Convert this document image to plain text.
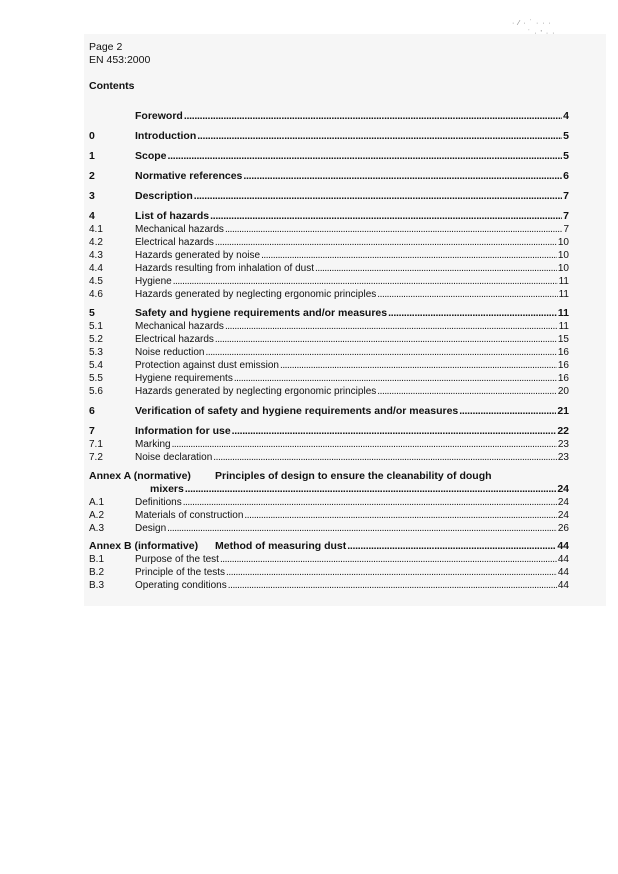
· ⁄ · ˙ · · ·
˙ · ' · ·
Page 2
EN 453:2000
Contents
Foreword . . .	4
0	Introduction . . .	5
1	Scope . . .	5
2	Normative references . . .	6
3	Description . . .	7
4	List of hazards . . .	7
4.1	Mechanical hazards . . .	7
4.2	Electrical hazards . . .	10
4.3	Hazards generated by noise . . .	10
4.4	Hazards resulting from inhalation of dust . . .	10
4.5	Hygiene . . .	11
4.6	Hazards generated by neglecting ergonomic principles . . .	11
5	Safety and hygiene requirements and/or measures . . .	11
5.1	Mechanical hazards . . .	11
5.2	Electrical hazards . . .	15
5.3	Noise reduction . . .	16
5.4	Protection against dust emission . . .	16
5.5	Hygiene requirements . . .	16
5.6	Hazards generated by neglecting ergonomic principles . . .	20
6	Verification of safety and hygiene requirements and/or measures . . .	21
7	Information for use . . .	22
7.1	Marking . . .	23
7.2	Noise declaration . . .	23
Annex A (normative)	Principles of design to ensure the cleanability of dough
mixers . . .	24
A.1	Definitions . . .	24
A.2	Materials of construction . . .	24
A.3	Design . . .	26
Annex B (informative)	Method of measuring dust . . .	44
B.1	Purpose of the test . . .	44
B.2	Principle of the tests . . .	44
B.3	Operating conditions . . .	44
